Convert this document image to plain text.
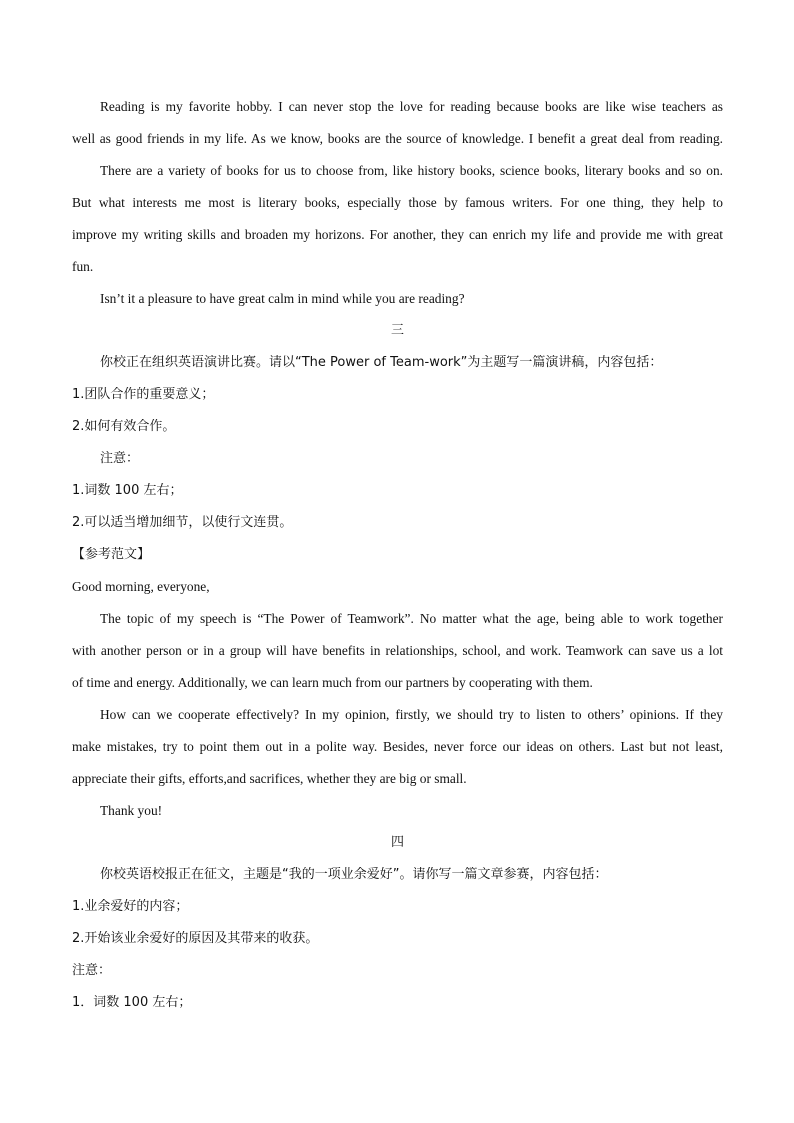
Reading is my favorite hobby. I can never stop the love for reading because books are like wise teachers as
well as good friends in my life. As we know, books are the source of knowledge. I benefit a great deal from reading.
There are a variety of books for us to choose from, like history books, science books, literary books and so on.
But what interests me most is literary books, especially those by famous writers. For one thing, they help to
improve my writing skills and broaden my horizons. For another, they can enrich my life and provide me with great
fun.
Isn’t it a pleasure to have great calm in mind while you are reading?
三
你校正在组织英语演讲比赛。请以“The Power of Team-work”为主题写一篇演讲稿，内容包括：
1.团队合作的重要意义；
2.如何有效合作。
注意：
1.词数 100 左右；
2.可以适当增加细节，以使行文连贯。
【参考范文】
Good morning, everyone,
The topic of my speech is “The Power of Teamwork”. No matter what the age, being able to work together
with another person or in a group will have benefits in relationships, school, and work. Teamwork can save us a lot
of time and energy. Additionally, we can learn much from our partners by cooperating with them.
How can we cooperate effectively? In my opinion, firstly, we should try to listen to others’ opinions. If they
make mistakes, try to point them out in a polite way. Besides, never force our ideas on others. Last but not least,
appreciate their gifts, efforts,and sacrifices, whether they are big or small.
Thank you!
四
你校英语校报正在征文，主题是“我的一项业余爱好”。请你写一篇文章参赛，内容包括：
1.业余爱好的内容；
2.开始该业余爱好的原因及其带来的收获。
注意：
1．词数 100 左右；
